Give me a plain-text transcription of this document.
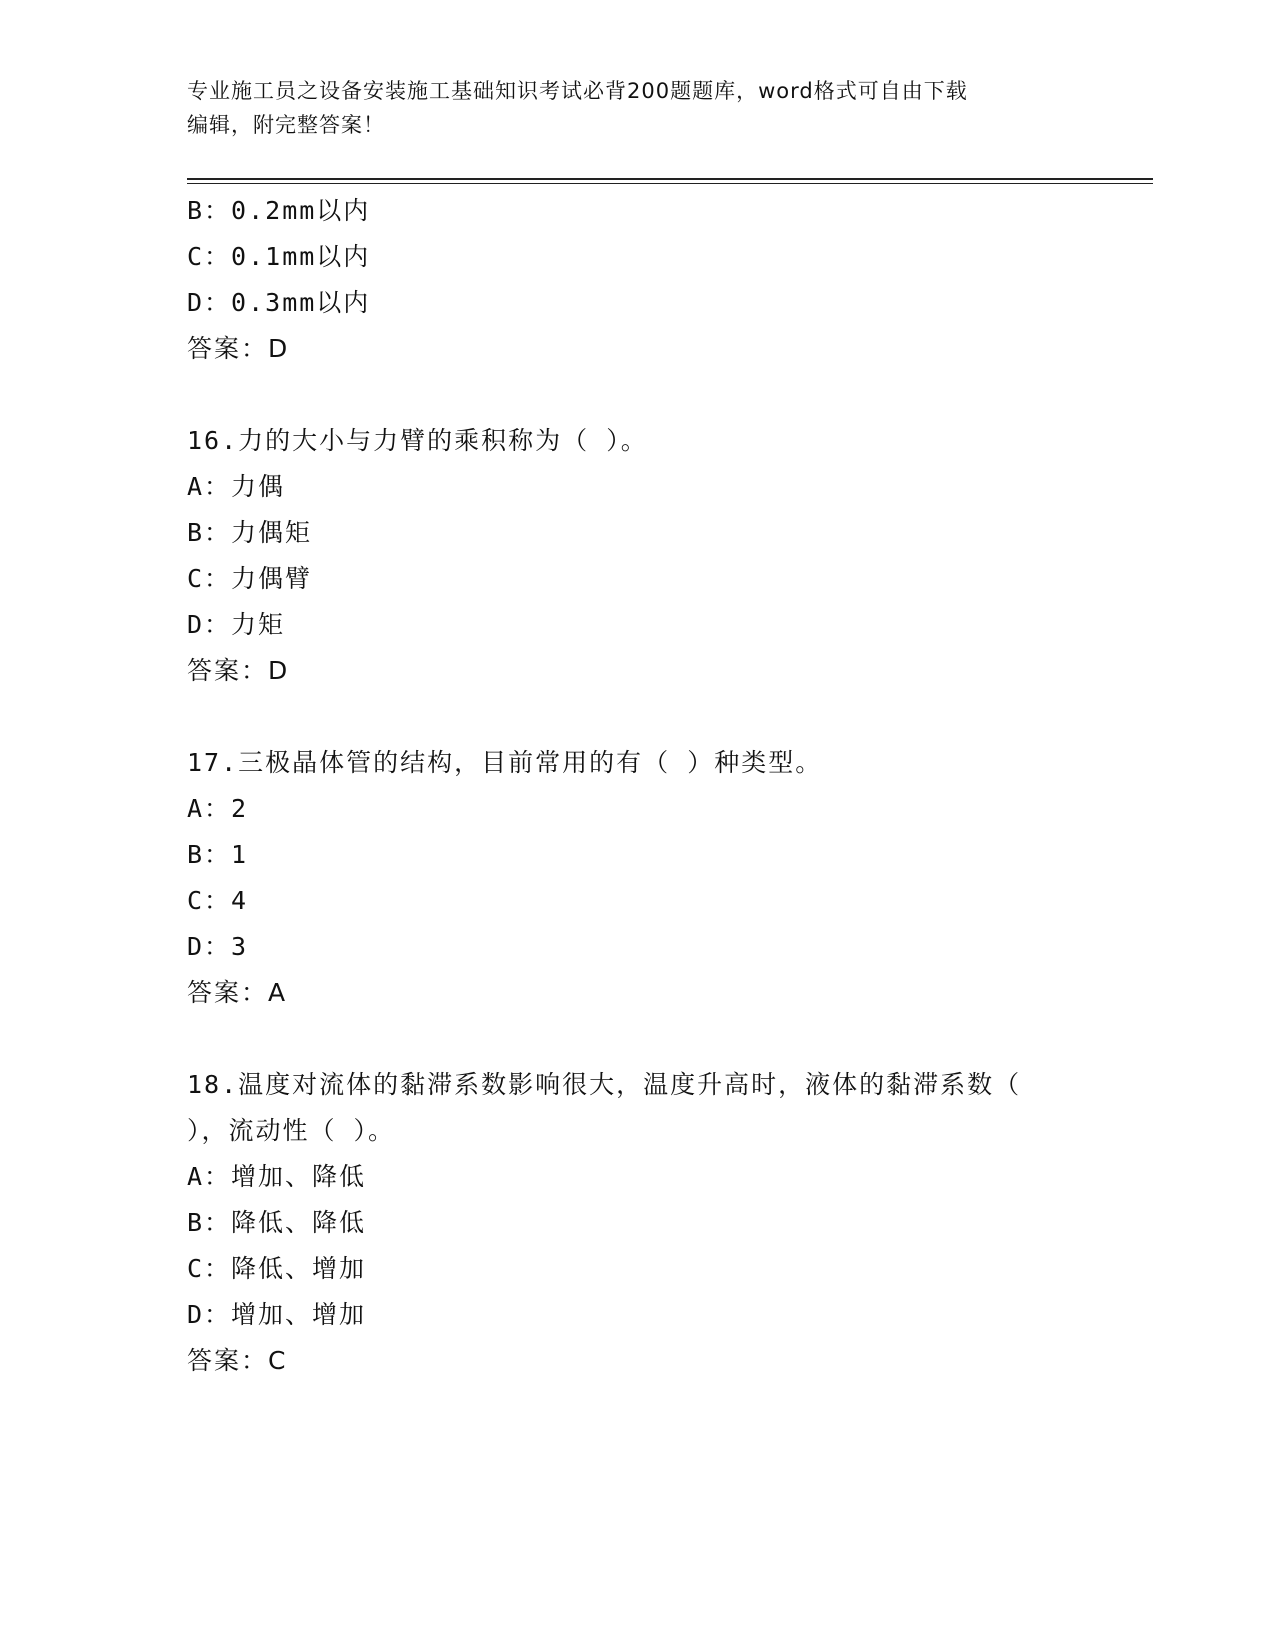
专业施工员之设备安装施工基础知识考试必背200题题库，word格式可自由下载
编辑，附完整答案！
B：0.2mm以内
C：0.1mm以内
D：0.3mm以内
答案：D
16.力的大小与力臂的乘积称为（ ）。
A：力偶
B：力偶矩
C：力偶臂
D：力矩
答案：D
17.三极晶体管的结构，目前常用的有（ ）种类型。
A：2
B：1
C：4
D：3
答案：A
18.温度对流体的黏滞系数影响很大，温度升高时，液体的黏滞系数（
），流动性（ ）。
A：增加、降低
B：降低、降低
C：降低、增加
D：增加、增加
答案：C
